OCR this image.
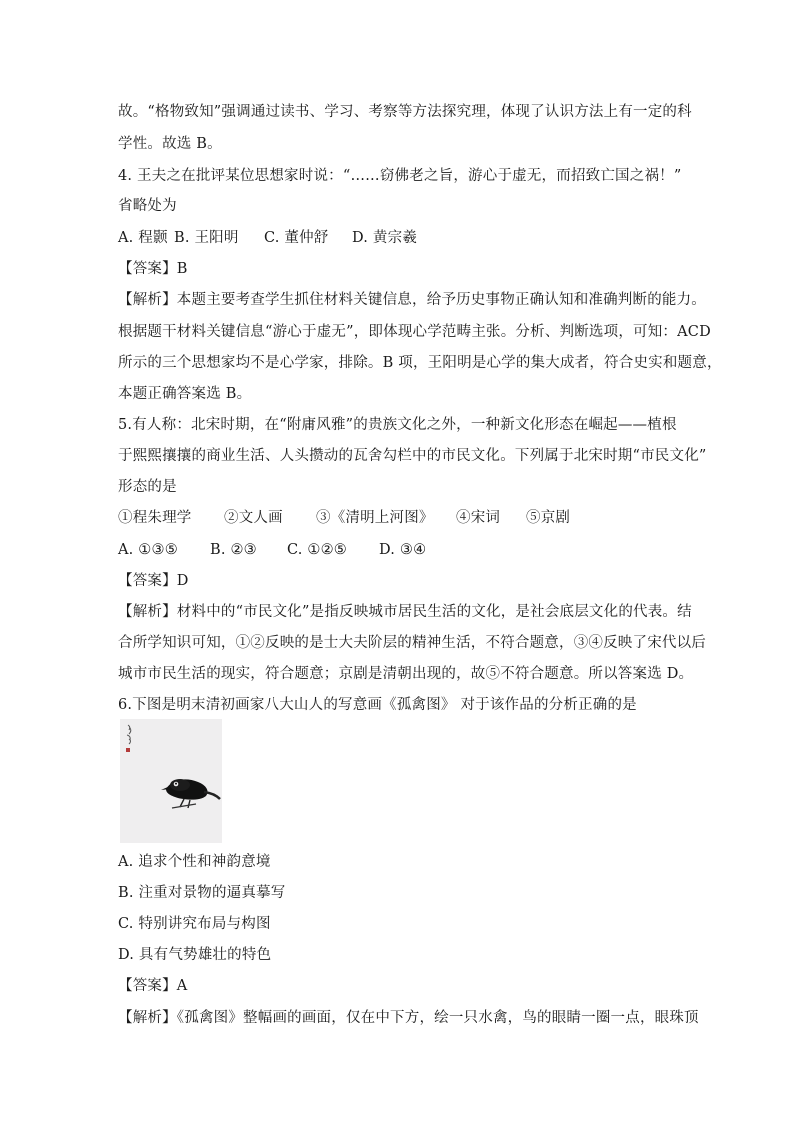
故。“格物致知”强调通过读书、学习、考察等方法探究理，体现了认识方法上有一定的科
学性。故选 B。
4. 王夫之在批评某位思想家时说：“……窃佛老之旨，游心于虚无，而招致亡国之祸！”
省略处为
A. 程颢 B. 王阳明 C. 董仲舒 D. 黄宗羲
【答案】B
【解析】本题主要考查学生抓住材料关键信息，给予历史事物正确认知和准确判断的能力。
根据题干材料关键信息“游心于虚无”，即体现心学范畴主张。分析、判断选项，可知：ACD
所示的三个思想家均不是心学家，排除。B 项，王阳明是心学的集大成者，符合史实和题意，
本题正确答案选 B。
5.有人称：北宋时期，在“附庸风雅”的贵族文化之外，一种新文化形态在崛起——植根
于熙熙攘攘的商业生活、人头攒动的瓦舍勾栏中的市民文化。下列属于北宋时期“市民文化”
形态的是
①程朱理学 ②文人画 ③《清明上河图》 ④宋词 ⑤京剧
A. ①③⑤ B. ②③ C. ①②⑤ D. ③④
【答案】D
【解析】材料中的“市民文化”是指反映城市居民生活的文化，是社会底层文化的代表。结
合所学知识可知，①②反映的是士大夫阶层的精神生活，不符合题意，③④反映了宋代以后
城市市民生活的现实，符合题意；京剧是清朝出现的，故⑤不符合题意。所以答案选 D。
6.下图是明末清初画家八大山人的写意画《孤禽图》 对于该作品的分析正确的是
A. 追求个性和神韵意境
B. 注重对景物的逼真摹写
C. 特别讲究布局与构图
D. 具有气势雄壮的特色
【答案】A
【解析】《孤禽图》整幅画的画面，仅在中下方，绘一只水禽，鸟的眼睛一圈一点，眼珠顶
